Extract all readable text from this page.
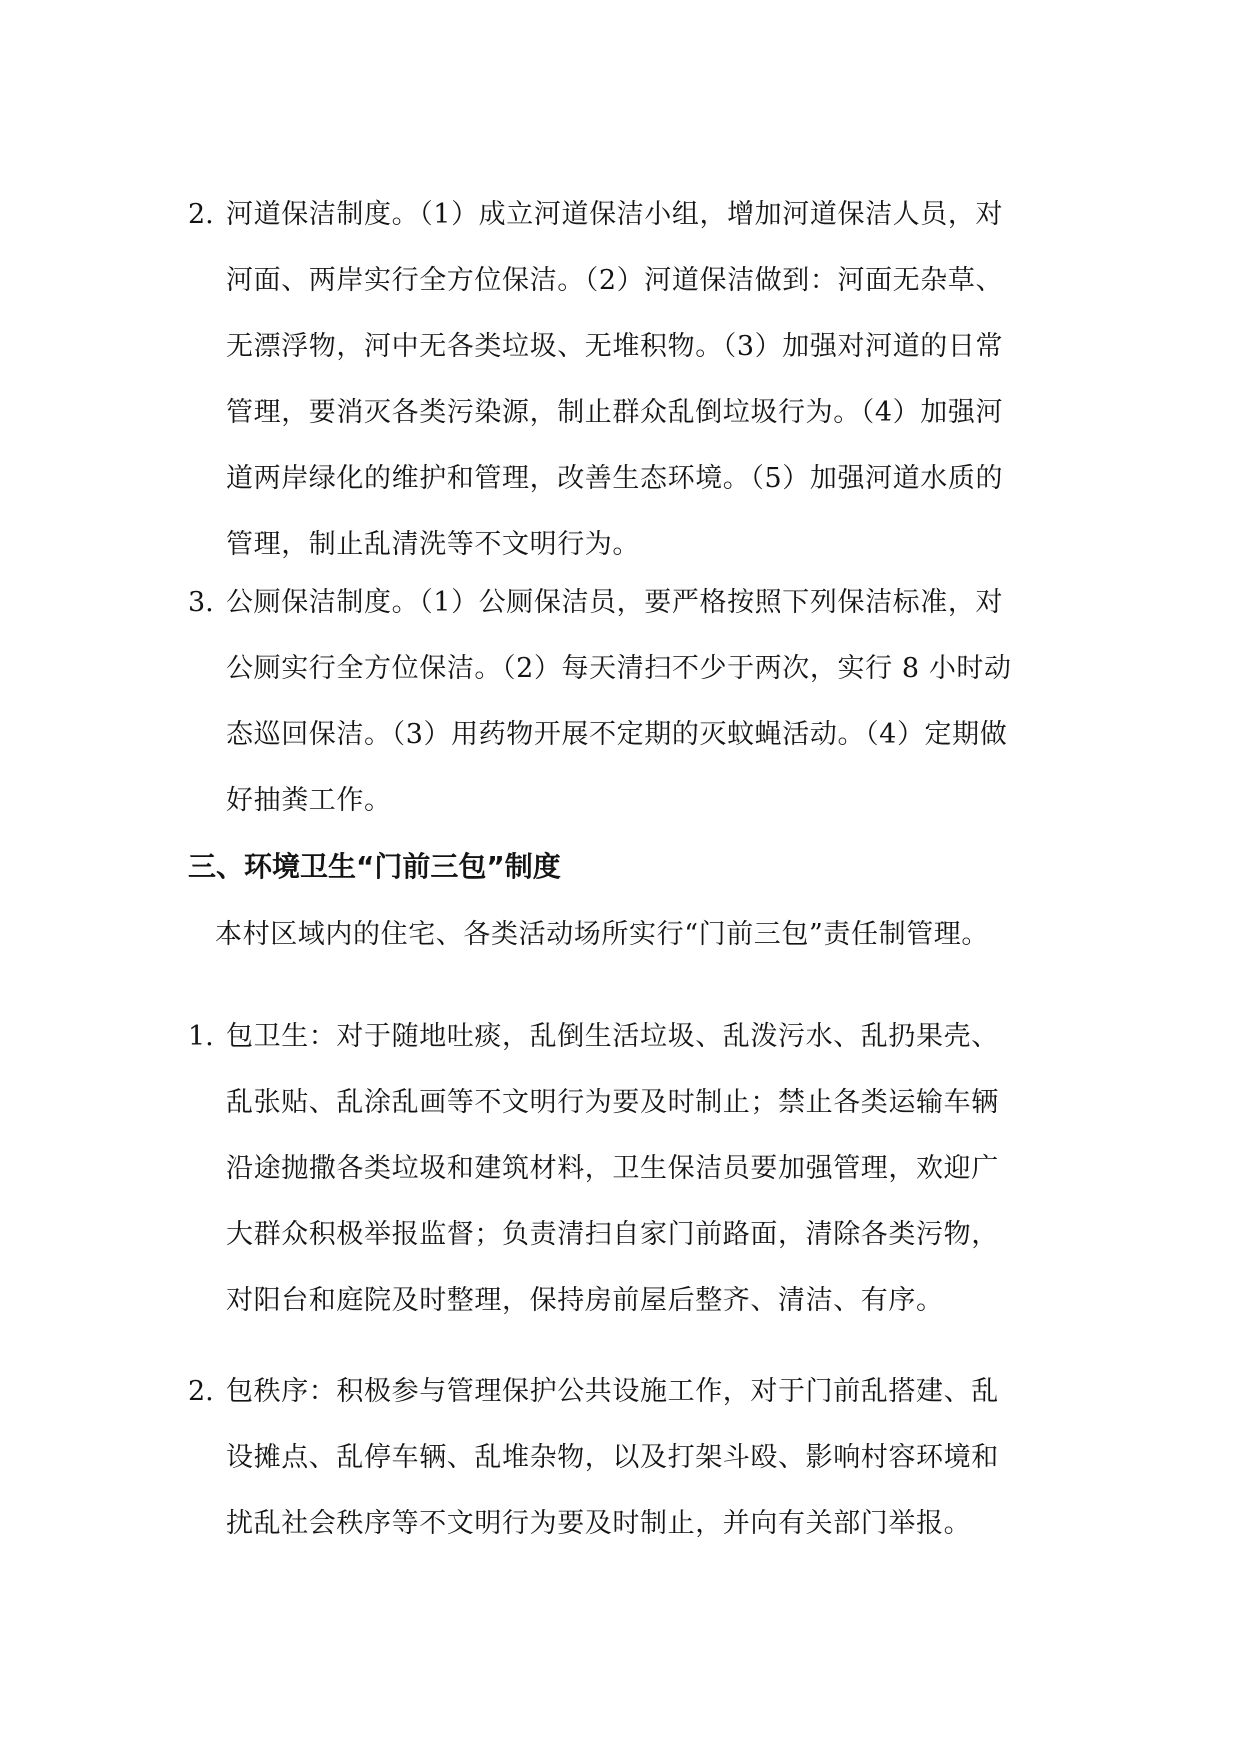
2. 河道保洁制度。（1）成立河道保洁小组，增加河道保洁人员，对
河面、两岸实行全方位保洁。（2）河道保洁做到：河面无杂草、
无漂浮物，河中无各类垃圾、无堆积物。（3）加强对河道的日常
管理，要消灭各类污染源，制止群众乱倒垃圾行为。（4）加强河
道两岸绿化的维护和管理，改善生态环境。（5）加强河道水质的
管理，制止乱清洗等不文明行为。
3. 公厕保洁制度。（1）公厕保洁员，要严格按照下列保洁标准，对
公厕实行全方位保洁。（2）每天清扫不少于两次，实行 8 小时动
态巡回保洁。（3）用药物开展不定期的灭蚊蝇活动。（4）定期做
好抽粪工作。
三、环境卫生“门前三包”制度
本村区域内的住宅、各类活动场所实行“门前三包”责任制管理。
1. 包卫生：对于随地吐痰，乱倒生活垃圾、乱泼污水、乱扔果壳、
乱张贴、乱涂乱画等不文明行为要及时制止；禁止各类运输车辆
沿途抛撒各类垃圾和建筑材料，卫生保洁员要加强管理，欢迎广
大群众积极举报监督；负责清扫自家门前路面，清除各类污物，
对阳台和庭院及时整理，保持房前屋后整齐、清洁、有序。
2. 包秩序：积极参与管理保护公共设施工作，对于门前乱搭建、乱
设摊点、乱停车辆、乱堆杂物，以及打架斗殴、影响村容环境和
扰乱社会秩序等不文明行为要及时制止，并向有关部门举报。
